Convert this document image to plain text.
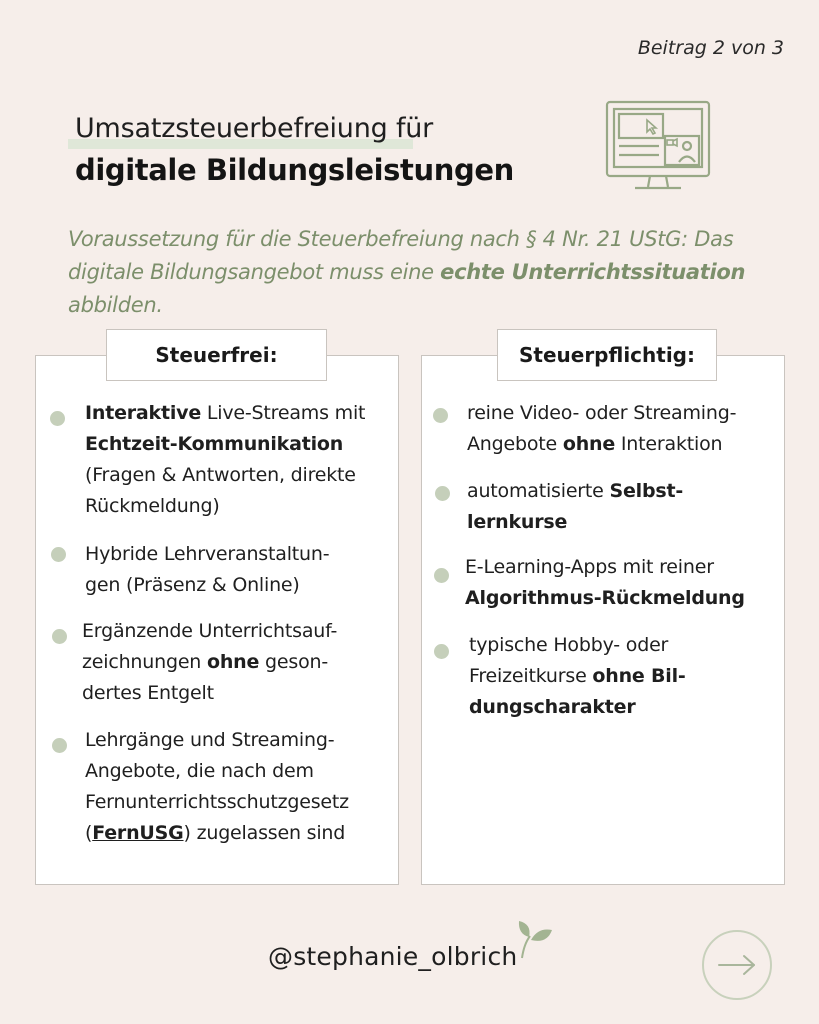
Beitrag 2 von 3
Umsatzsteuerbefreiung für
digitale Bildungsleistungen
Voraussetzung für die Steuerbefreiung nach § 4 Nr. 21 UStG: Das digitale Bildungsangebot muss eine echte Unterrichtssituation abbilden.
Steuerfrei:
Interaktive Live-Streams mit
Echtzeit-Kommunikation
(Fragen & Antworten, direkte
Rückmeldung)
Hybride Lehrveranstaltun-
gen (Präsenz & Online)
Ergänzende Unterrichtsauf-
zeichnungen ohne geson-
dertes Entgelt
Lehrgänge und Streaming-
Angebote, die nach dem
Fernunterrichtsschutzgesetz
(FernUSG) zugelassen sind
Steuerpflichtig:
reine Video- oder Streaming-
Angebote ohne Interaktion
automatisierte Selbst-
lernkurse
E-Learning-Apps mit reiner
Algorithmus-Rückmeldung
typische Hobby- oder
Freizeitkurse ohne Bil-
dungscharakter
@stephanie_olbrich
